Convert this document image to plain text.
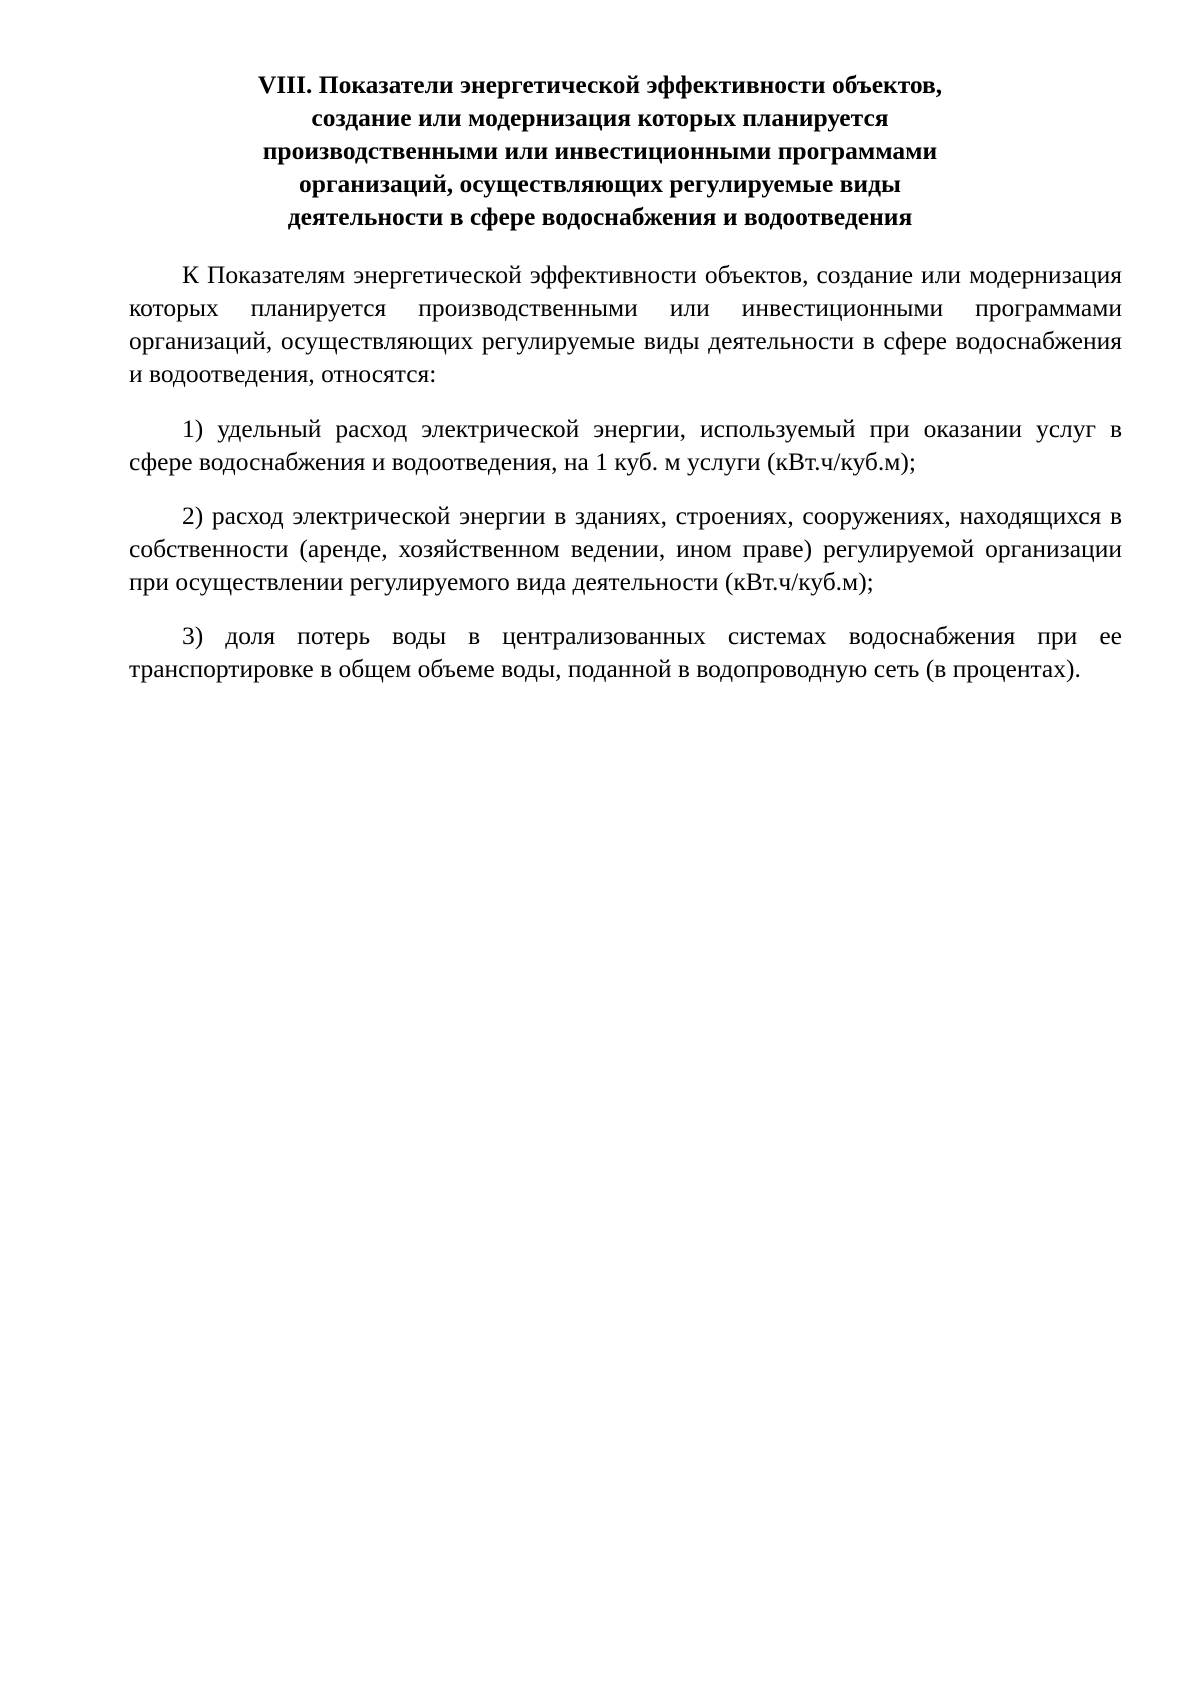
VIII. Показатели энергетической эффективности объектов,
создание или модернизация которых планируется
производственными или инвестиционными программами
организаций, осуществляющих регулируемые виды
деятельности в сфере водоснабжения и водоотведения

К Показателям энергетической эффективности объектов, создание или модернизация которых планируется производственными или инвестиционными программами организаций, осуществляющих регулируемые виды деятельности в сфере водоснабжения и водоотведения, относятся:

1) удельный расход электрической энергии, используемый при оказании услуг в сфере водоснабжения и водоотведения, на 1 куб. м услуги (кВт.ч/куб.м);

2) расход электрической энергии в зданиях, строениях, сооружениях, находящихся в собственности (аренде, хозяйственном ведении, ином праве) регулируемой организации при осуществлении регулируемого вида деятельности (кВт.ч/куб.м);

3) доля потерь воды в централизованных системах водоснабжения при ее транспортировке в общем объеме воды, поданной в водопроводную сеть (в процентах).
